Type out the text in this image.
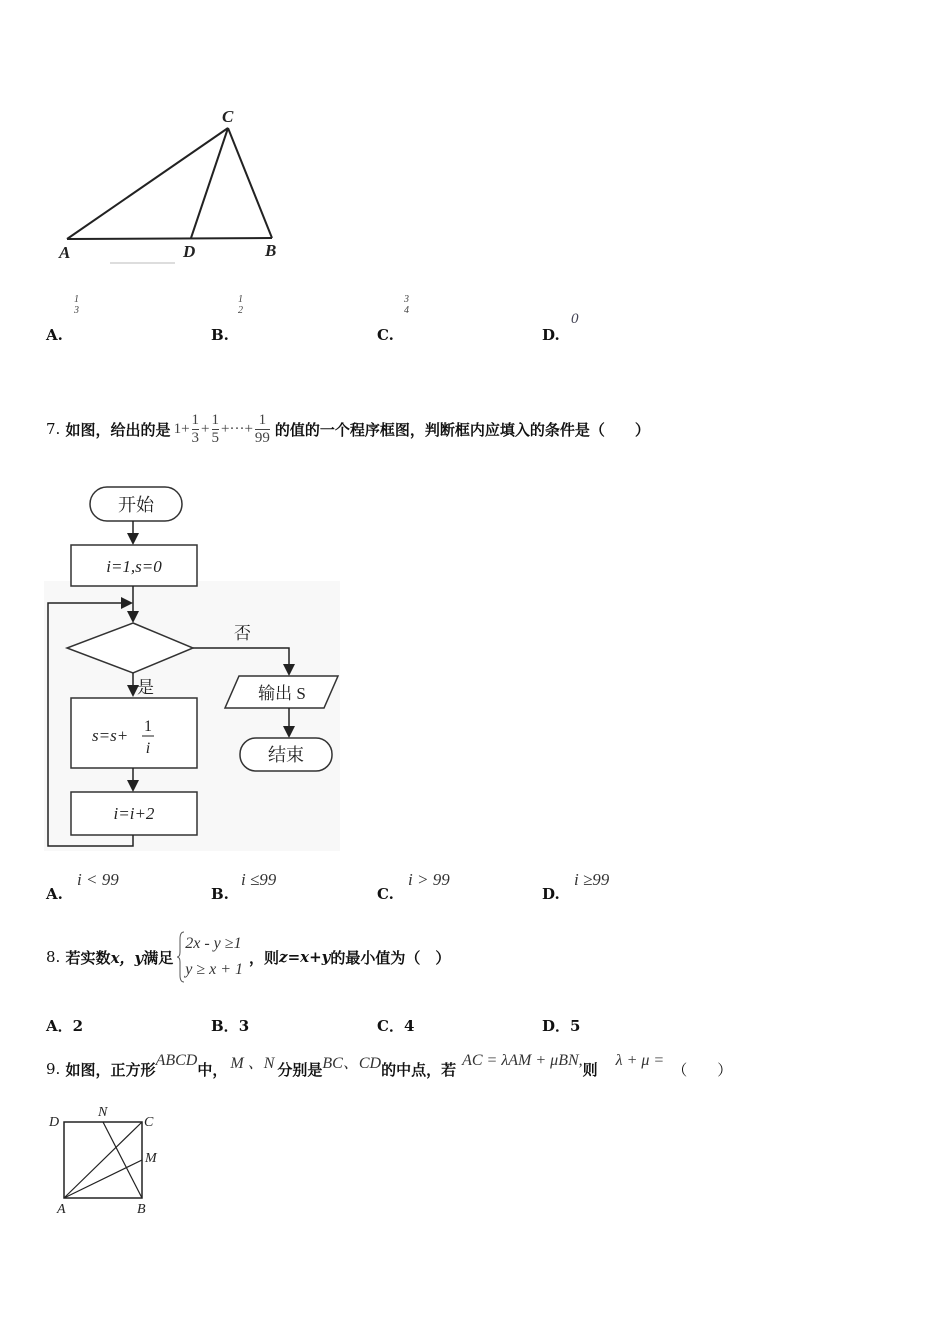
C
A	D	B
A.
1
3
B.
1
2
C.
3
4
D.
0
7.
如图，给出的是 $1 + \frac{1}{3} + \frac{1}{5}$ +···+ $\frac{1}{99}$ 的值的一个程序框图，判断框内应填入的条件是（　　）
开始
i=1,s=0
否
是	输出 S
结束
s=s+ 1
i
i=i+2
A.
i < 99
B.
i ≤99
C.
i > 99
D.
i ≥99
8.
若实数 x，y 满足
2x - y ≥1
y ≥ x + 1
，则 z=x+y 的最小值为（　）
A．2	B．3	C．4	D．5
9.
如图，正方形 ABCD 中， M 、N 分别是 BC、CD 的中点，若 AC = λAM + μBN, 则 λ + μ = （　　）
D
N
C
M
A	B
